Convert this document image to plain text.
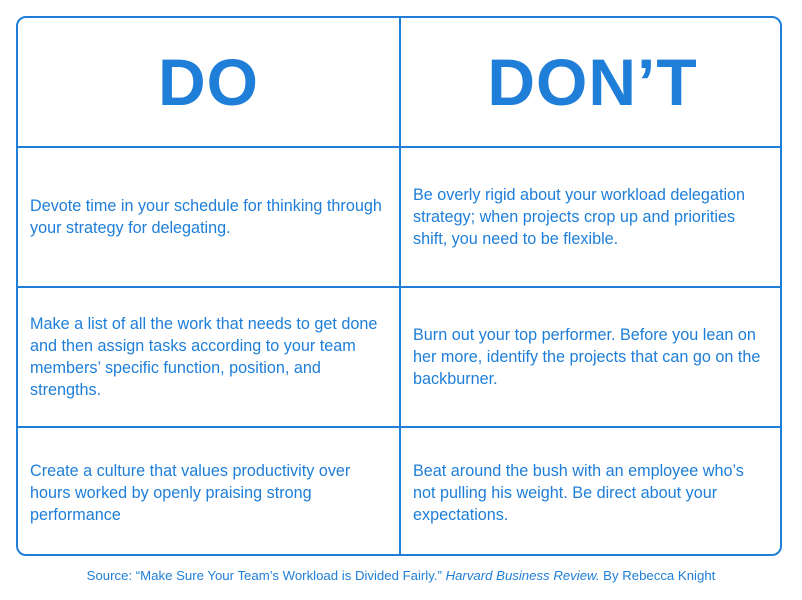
DO	DON’T
Devote time in your schedule for thinking through your strategy for delegating.
Be overly rigid about your workload delegation strategy; when projects crop up and priorities shift, you need to be flexible.
Make a list of all the work that needs to get done and then assign tasks according to your team members’ specific function, position, and strengths.
Burn out your top performer. Before you lean on her more, identify the projects that can go on the backburner.
Create a culture that values productivity over hours worked by openly praising strong performance
Beat around the bush with an employee who’s not pulling his weight. Be direct about your expectations.
Source: “Make Sure Your Team’s Workload is Divided Fairly.” Harvard Business Review. By Rebecca Knight
